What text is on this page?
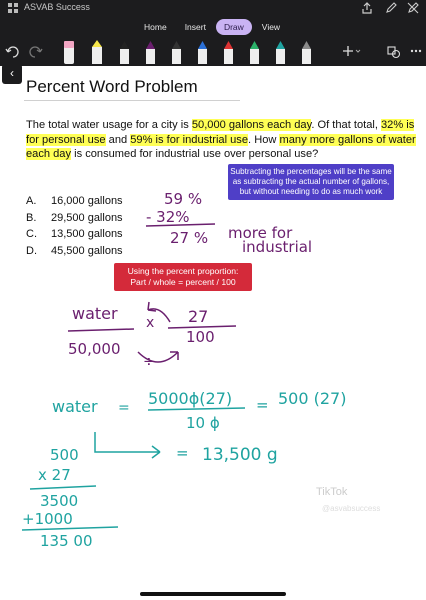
ASVAB Success
Home	Insert	Draw	View
‹
Percent Word Problem
The total water usage for a city is 50,000 gallons each day. Of that total, 32% is for personal use and 59% is for industrial use. How many more gallons of water each day is consumed for industrial use over personal use?
A.	16,000 gallons
B.	29,500 gallons
C.	13,500 gallons
D.	45,500 gallons
Subtracting the percentages will be the same as subtracting the actual number of gallons, but without needing to do as much work
Using the percent proportion:
Part / whole = percent / 100
59 %
- 32%
27 % more for
industrial
water
50,000
x 27
100
÷
water = 5000ϕ(27)
10 ϕ
= 500 (27)
= 13,500 g
500
x 27
3500
+1000
135 00
TikTok
@asvabsuccess
